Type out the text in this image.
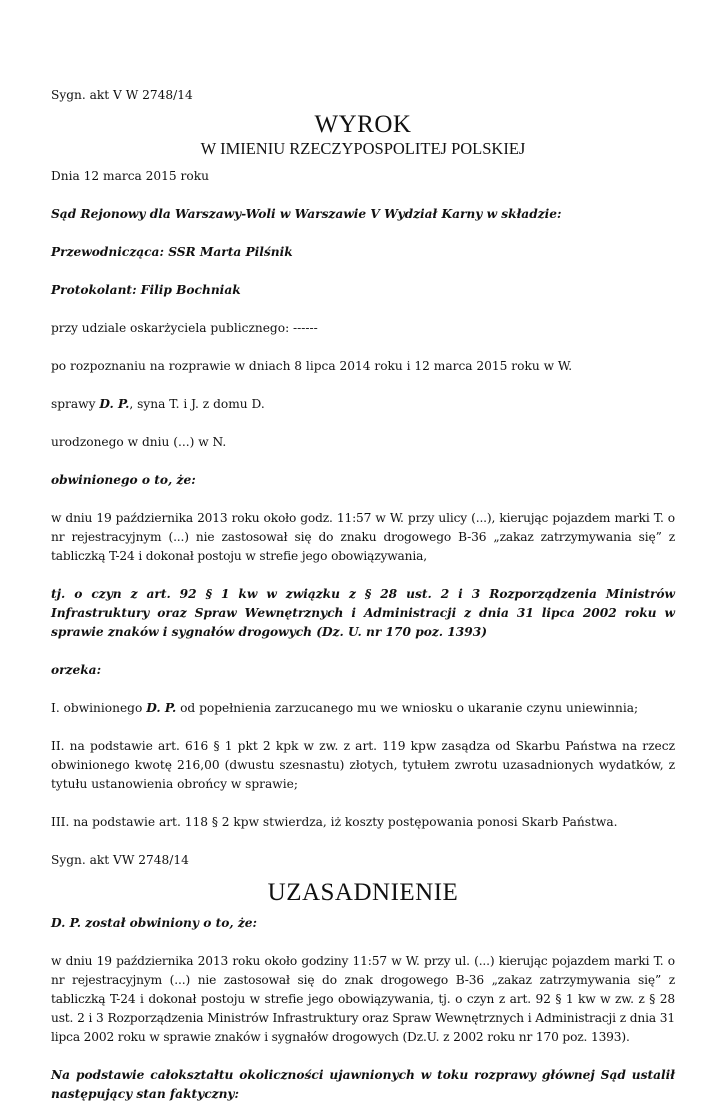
Sygn. akt V W 2748/14

WYROK
W IMIENIU RZECZYPOSPOLITEJ POLSKIEJ

Dnia 12 marca 2015 roku

Sąd Rejonowy dla Warszawy-Woli w Warszawie V Wydział Karny w składzie:

Przewodnicząca: SSR Marta Pilśnik

Protokolant: Filip Bochniak

przy udziale oskarżyciela publicznego: ------

po rozpoznaniu na rozprawie w dniach 8 lipca 2014 roku i 12 marca 2015 roku w W.

sprawy D. P., syna T. i J. z domu D.

urodzonego w dniu (...) w N.

obwinionego o to, że:

w dniu 19 października 2013 roku około godz. 11:57 w W. przy ulicy (...), kierując pojazdem marki T. o nr rejestracyjnym (...) nie zastosował się do znaku drogowego B-36 „zakaz zatrzymywania się” z tabliczką T-24 i dokonał postoju w strefie jego obowiązywania,

tj. o czyn z art. 92 § 1 kw w związku z § 28 ust. 2 i 3 Rozporządzenia Ministrów Infrastruktury oraz Spraw Wewnętrznych i Administracji z dnia 31 lipca 2002 roku w sprawie znaków i sygnałów drogowych (Dz. U. nr 170 poz. 1393)

orzeka:

I. obwinionego D. P. od popełnienia zarzucanego mu we wniosku o ukaranie czynu uniewinnia;

II. na podstawie art. 616 § 1 pkt 2 kpk w zw. z art. 119 kpw zasądza od Skarbu Państwa na rzecz obwinionego kwotę 216,00 (dwustu szesnastu) złotych, tytułem zwrotu uzasadnionych wydatków, z tytułu ustanowienia obrońcy w sprawie;

III. na podstawie art. 118 § 2 kpw stwierdza, iż koszty postępowania ponosi Skarb Państwa.

Sygn. akt VW 2748/14

UZASADNIENIE

D. P. został obwiniony o to, że:

w dniu 19 października 2013 roku około godziny 11:57 w W. przy ul. (...) kierując pojazdem marki T. o nr rejestracyjnym (...) nie zastosował się do znak drogowego B-36 „zakaz zatrzymywania się” z tabliczką T-24 i dokonał postoju w strefie jego obowiązywania, tj. o czyn z art. 92 § 1 kw w zw. z § 28 ust. 2 i 3 Rozporządzenia Ministrów Infrastruktury oraz Spraw Wewnętrznych i Administracji z dnia 31 lipca 2002 roku w sprawie znaków i sygnałów drogowych (Dz.U. z 2002 roku nr 170 poz. 1393).

Na podstawie całokształtu okoliczności ujawnionych w toku rozprawy głównej Sąd ustalił następujący stan faktyczny:
